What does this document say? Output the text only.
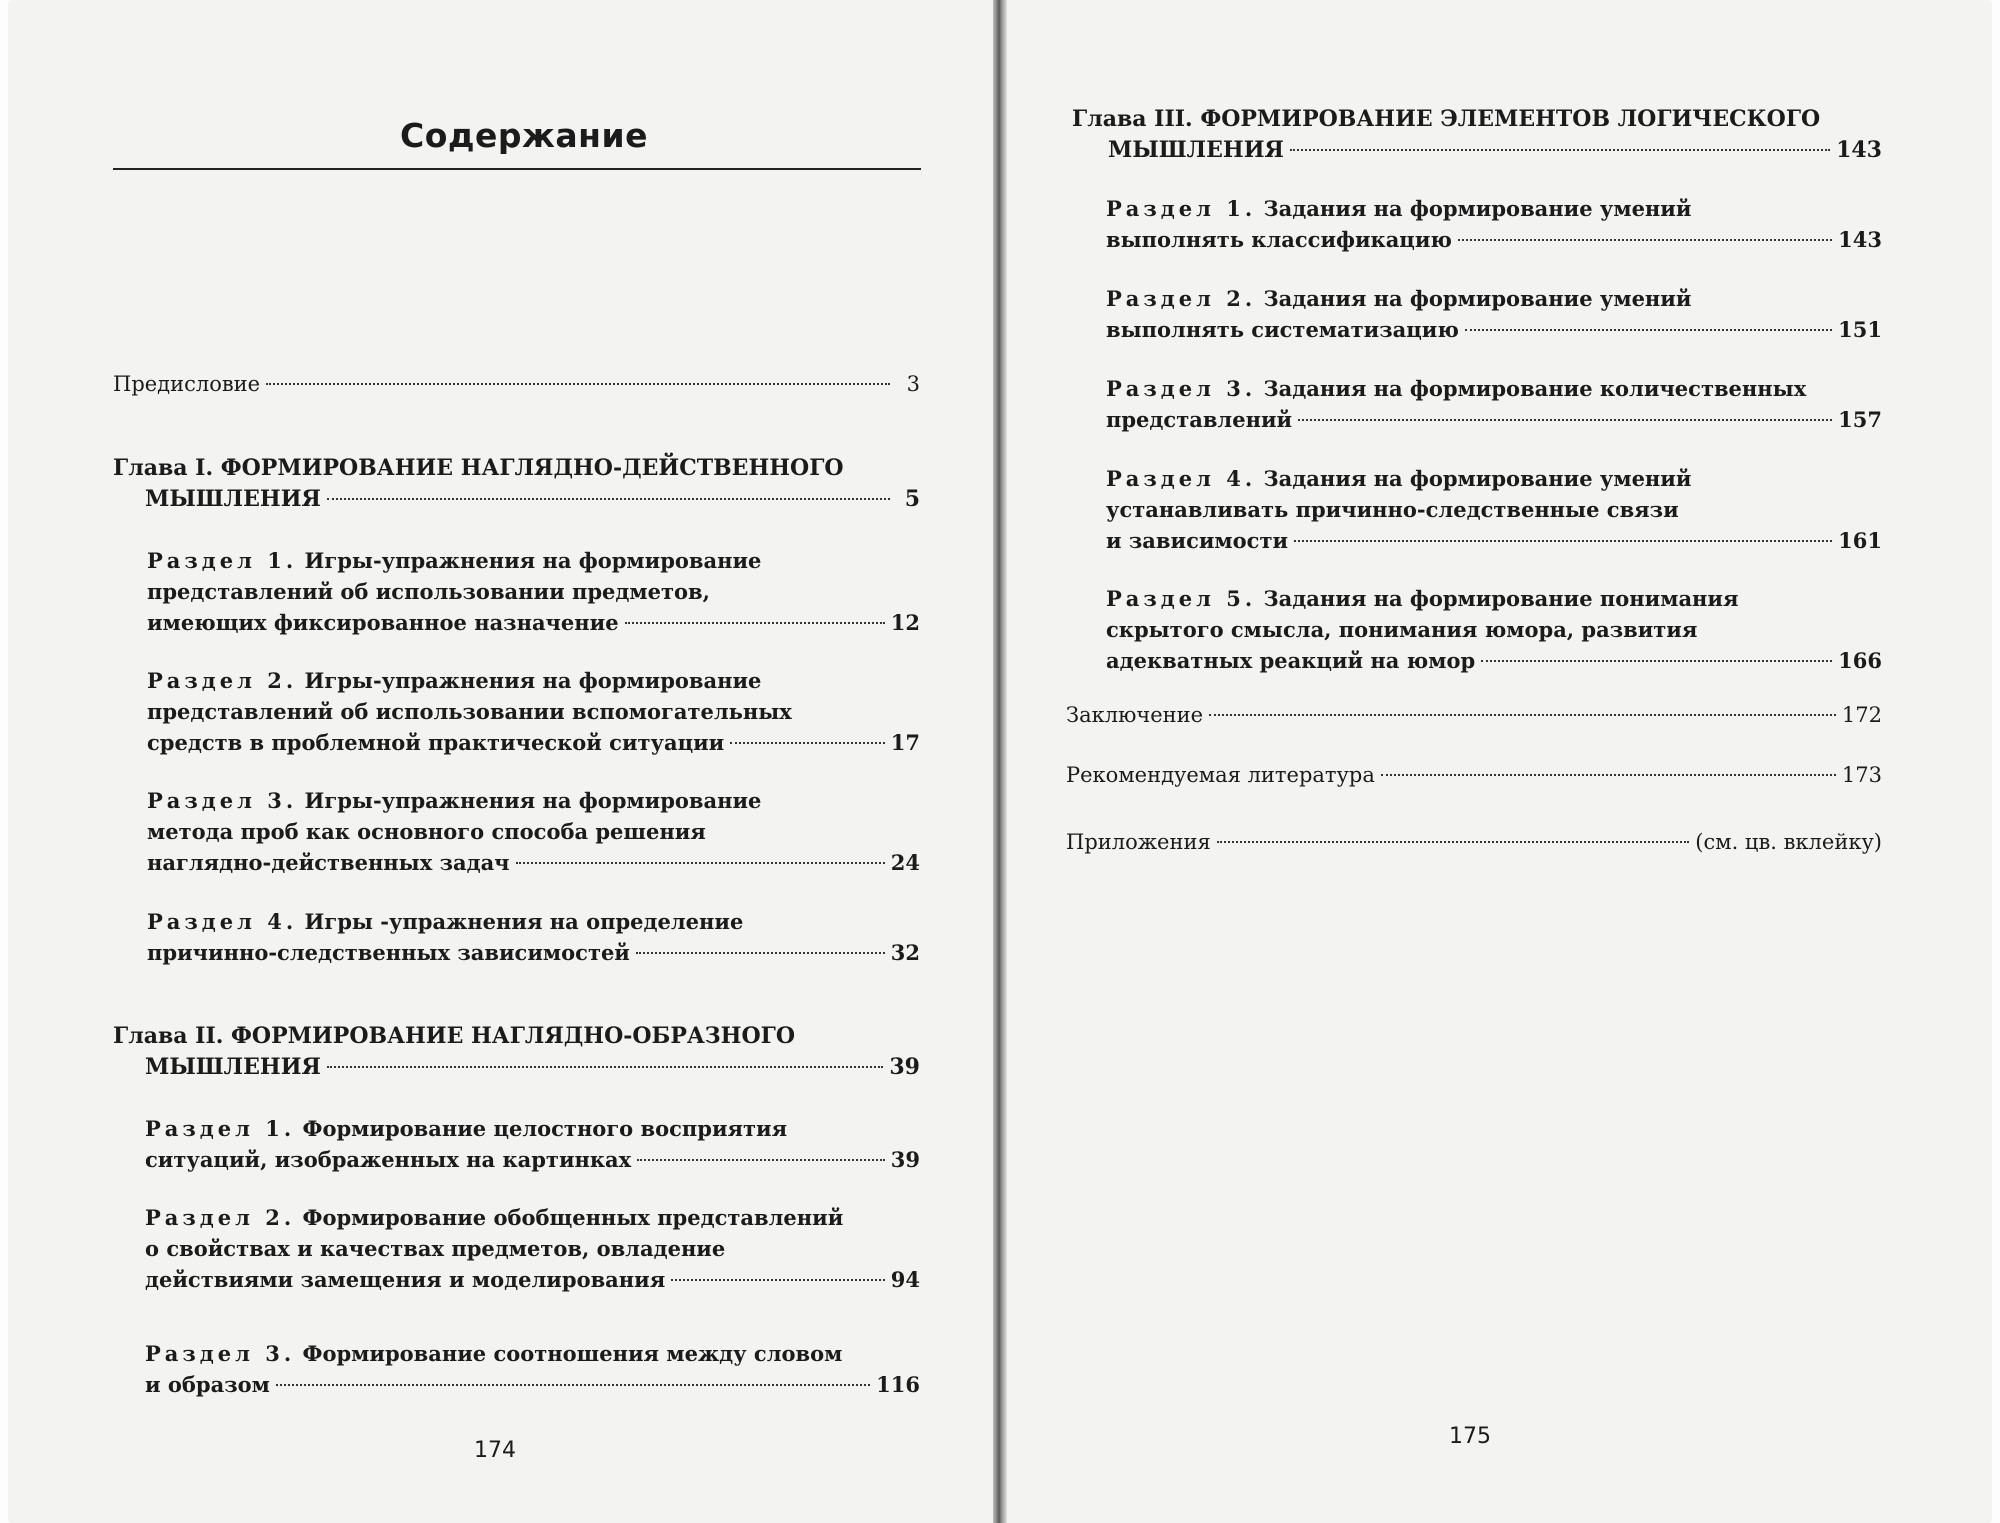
Содержание
Предисловие	3
Глава I. ФОРМИРОВАНИЕ НАГЛЯДНО-ДЕЙСТВЕННОГО
МЫШЛЕНИЯ	5
Раздел 1.
Игры-упражнения на формирование
представлений об использовании предметов,
имеющих фиксированное назначение	12
Раздел 2.
Игры-упражнения на формирование
представлений об использовании вспомогательных
средств в проблемной практической ситуации	17
Раздел 3.
Игры-упражнения на формирование
метода проб как основного способа решения
наглядно-действенных задач	24
Раздел 4.
Игры -упражнения на определение
причинно-следственных зависимостей	32
Глава II. ФОРМИРОВАНИЕ НАГЛЯДНО-ОБРАЗНОГО
МЫШЛЕНИЯ	39
Раздел 1.
Формирование целостного восприятия
ситуаций, изображенных на картинках	39
Раздел 2.
Формирование обобщенных представлений
о свойствах и качествах предметов, овладение
действиями замещения и моделирования	94
Раздел 3.
Формирование соотношения между словом
и образом	116
174
Глава III. ФОРМИРОВАНИЕ ЭЛЕМЕНТОВ ЛОГИЧЕСКОГО
МЫШЛЕНИЯ	143
Раздел 1.
Задания на формирование умений
выполнять классификацию	143
Раздел 2.
Задания на формирование умений
выполнять систематизацию	151
Раздел 3.
Задания на формирование количественных
представлений	157
Раздел 4.
Задания на формирование умений
устанавливать причинно-следственные связи
и зависимости	161
Раздел 5.
Задания на формирование понимания
скрытого смысла, понимания юмора, развития
адекватных реакций на юмор	166
Заключение	172
Рекомендуемая литература	173
Приложения	(см. цв. вклейку)
175
